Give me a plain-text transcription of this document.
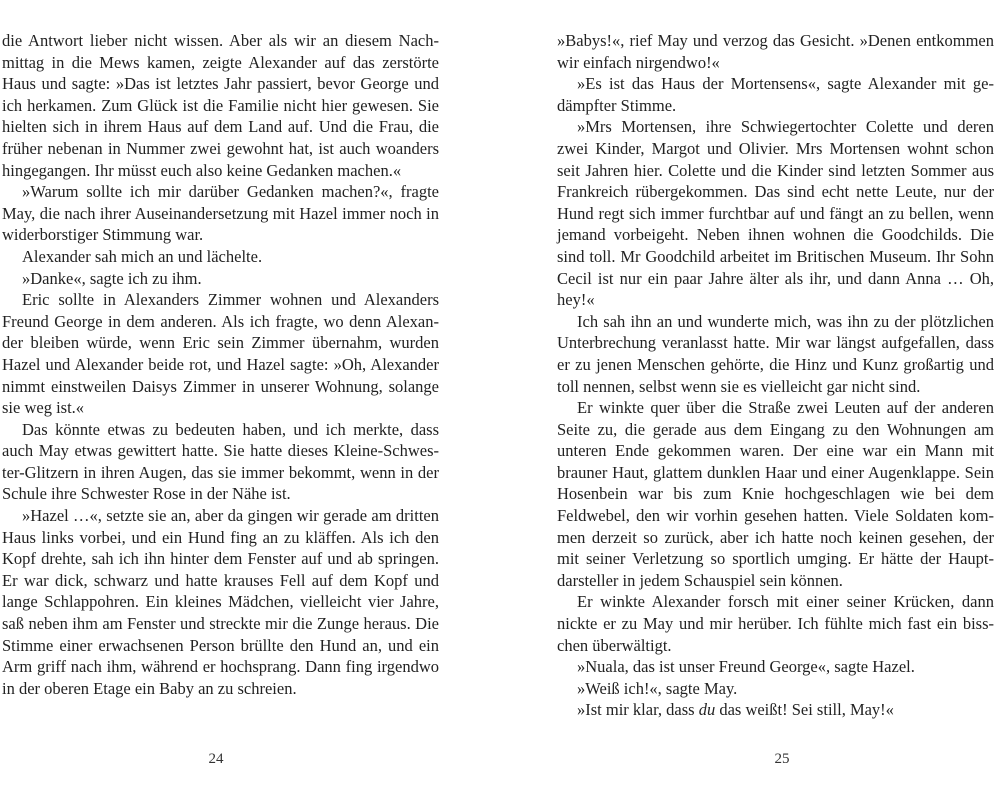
die Antwort lieber nicht wissen. Aber als wir an diesem Nachmittag in die Mews kamen, zeigte Alexander auf das zerstörte Haus und sagte: »Das ist letztes Jahr passiert, bevor George und ich herkamen. Zum Glück ist die Familie nicht hier gewesen. Sie hielten sich in ihrem Haus auf dem Land auf. Und die Frau, die früher nebenan in Nummer zwei gewohnt hat, ist auch woanders hingegangen. Ihr müsst euch also keine Gedanken machen.«

»Warum sollte ich mir darüber Gedanken machen?«, fragte May, die nach ihrer Auseinandersetzung mit Hazel immer noch in widerborstiger Stimmung war.

Alexander sah mich an und lächelte.

»Danke«, sagte ich zu ihm.

Eric sollte in Alexanders Zimmer wohnen und Alexanders Freund George in dem anderen. Als ich fragte, wo denn Alexander bleiben würde, wenn Eric sein Zimmer übernahm, wurden Hazel und Alexander beide rot, und Hazel sagte: »Oh, Alexander nimmt einstweilen Daisys Zimmer in unserer Wohnung, solange sie weg ist.«

Das könnte etwas zu bedeuten haben, und ich merkte, dass auch May etwas gewittert hatte. Sie hatte dieses Kleine-Schwester-Glitzern in ihren Augen, das sie immer bekommt, wenn in der Schule ihre Schwester Rose in der Nähe ist.

»Hazel …«, setzte sie an, aber da gingen wir gerade am dritten Haus links vorbei, und ein Hund fing an zu kläffen. Als ich den Kopf drehte, sah ich ihn hinter dem Fenster auf und ab springen. Er war dick, schwarz und hatte krauses Fell auf dem Kopf und lange Schlappohren. Ein kleines Mädchen, vielleicht vier Jahre, saß neben ihm am Fenster und streckte mir die Zunge heraus. Die Stimme einer erwachsenen Person brüllte den Hund an, und ein Arm griff nach ihm, während er hochsprang. Dann fing irgendwo in der oberen Etage ein Baby an zu schreien.

»Babys!«, rief May und verzog das Gesicht. »Denen entkommen wir einfach nirgendwo!«

»Es ist das Haus der Mortensens«, sagte Alexander mit gedämpfter Stimme.

»Mrs Mortensen, ihre Schwiegertochter Colette und deren zwei Kinder, Margot und Olivier. Mrs Mortensen wohnt schon seit Jahren hier. Colette und die Kinder sind letzten Sommer aus Frankreich rübergekommen. Das sind echt nette Leute, nur der Hund regt sich immer furchtbar auf und fängt an zu bellen, wenn jemand vorbeigeht. Neben ihnen wohnen die Goodchilds. Die sind toll. Mr Goodchild arbeitet im Britischen Museum. Ihr Sohn Cecil ist nur ein paar Jahre älter als ihr, und dann Anna … Oh, hey!«

Ich sah ihn an und wunderte mich, was ihn zu der plötzlichen Unterbrechung veranlasst hatte. Mir war längst aufgefallen, dass er zu jenen Menschen gehörte, die Hinz und Kunz großartig und toll nennen, selbst wenn sie es vielleicht gar nicht sind.

Er winkte quer über die Straße zwei Leuten auf der anderen Seite zu, die gerade aus dem Eingang zu den Wohnungen am unteren Ende gekommen waren. Der eine war ein Mann mit brauner Haut, glattem dunklen Haar und einer Augenklappe. Sein Hosenbein war bis zum Knie hochgeschlagen wie bei dem Feldwebel, den wir vorhin gesehen hatten. Viele Soldaten kommen derzeit so zurück, aber ich hatte noch keinen gesehen, der mit seiner Verletzung so sportlich umging. Er hätte der Hauptdarsteller in jedem Schauspiel sein können.

Er winkte Alexander forsch mit einer seiner Krücken, dann nickte er zu May und mir herüber. Ich fühlte mich fast ein bisschen überwältigt.

»Nuala, das ist unser Freund George«, sagte Hazel.

»Weiß ich!«, sagte May.

»Ist mir klar, dass du das weißt! Sei still, May!«

24	25
